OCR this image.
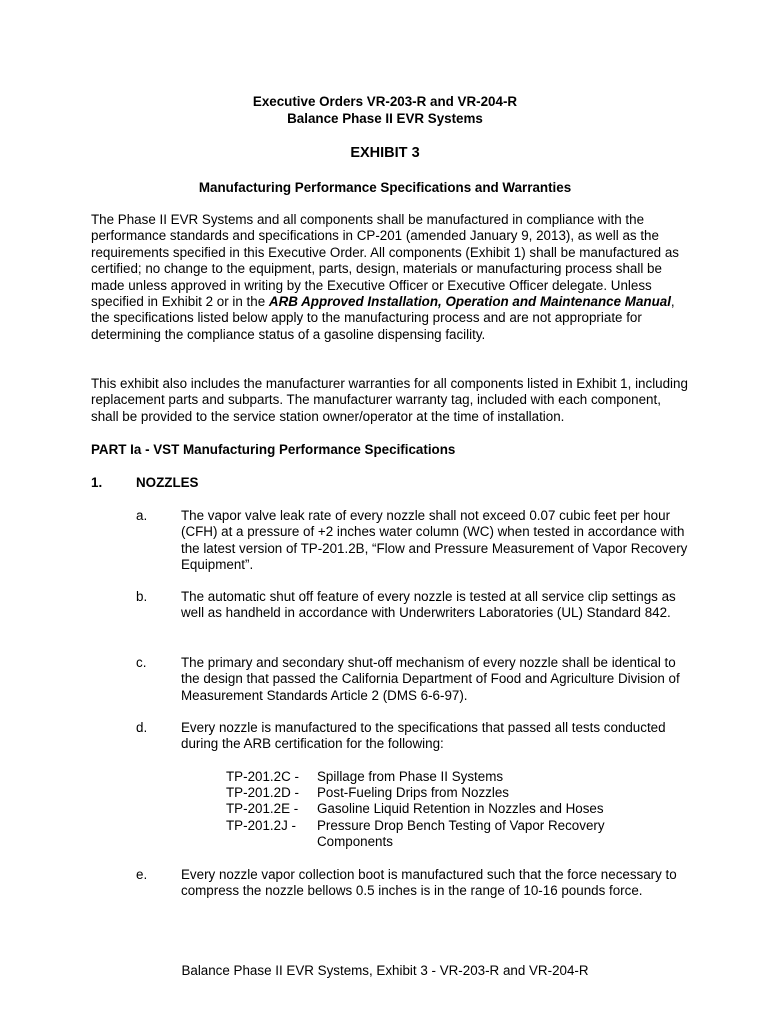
Executive Orders VR-203-R and VR-204-R
Balance Phase II EVR Systems
EXHIBIT 3
Manufacturing Performance Specifications and Warranties
The Phase II EVR Systems and all components shall be manufactured in compliance with the performance standards and specifications in CP-201 (amended January 9, 2013), as well as the requirements specified in this Executive Order. All components (Exhibit 1) shall be manufactured as certified; no change to the equipment, parts, design, materials or manufacturing process shall be made unless approved in writing by the Executive Officer or Executive Officer delegate. Unless specified in Exhibit 2 or in the ARB Approved Installation, Operation and Maintenance Manual, the specifications listed below apply to the manufacturing process and are not appropriate for determining the compliance status of a gasoline dispensing facility.
This exhibit also includes the manufacturer warranties for all components listed in Exhibit 1, including replacement parts and subparts. The manufacturer warranty tag, included with each component, shall be provided to the service station owner/operator at the time of installation.
PART Ia - VST Manufacturing Performance Specifications
1.	NOZZLES
a.	The vapor valve leak rate of every nozzle shall not exceed 0.07 cubic feet per hour (CFH) at a pressure of +2 inches water column (WC) when tested in accordance with the latest version of TP-201.2B, “Flow and Pressure Measurement of Vapor Recovery Equipment”.
b.	The automatic shut off feature of every nozzle is tested at all service clip settings as well as handheld in accordance with Underwriters Laboratories (UL) Standard 842.
c.	The primary and secondary shut-off mechanism of every nozzle shall be identical to the design that passed the California Department of Food and Agriculture Division of Measurement Standards Article 2 (DMS 6-6-97).
d.	Every nozzle is manufactured to the specifications that passed all tests conducted during the ARB certification for the following:
TP-201.2C - Spillage from Phase II Systems
TP-201.2D - Post-Fueling Drips from Nozzles
TP-201.2E - Gasoline Liquid Retention in Nozzles and Hoses
TP-201.2J - Pressure Drop Bench Testing of Vapor Recovery Components
e.	Every nozzle vapor collection boot is manufactured such that the force necessary to compress the nozzle bellows 0.5 inches is in the range of 10-16 pounds force.
Balance Phase II EVR Systems, Exhibit 3 - VR-203-R and VR-204-R
